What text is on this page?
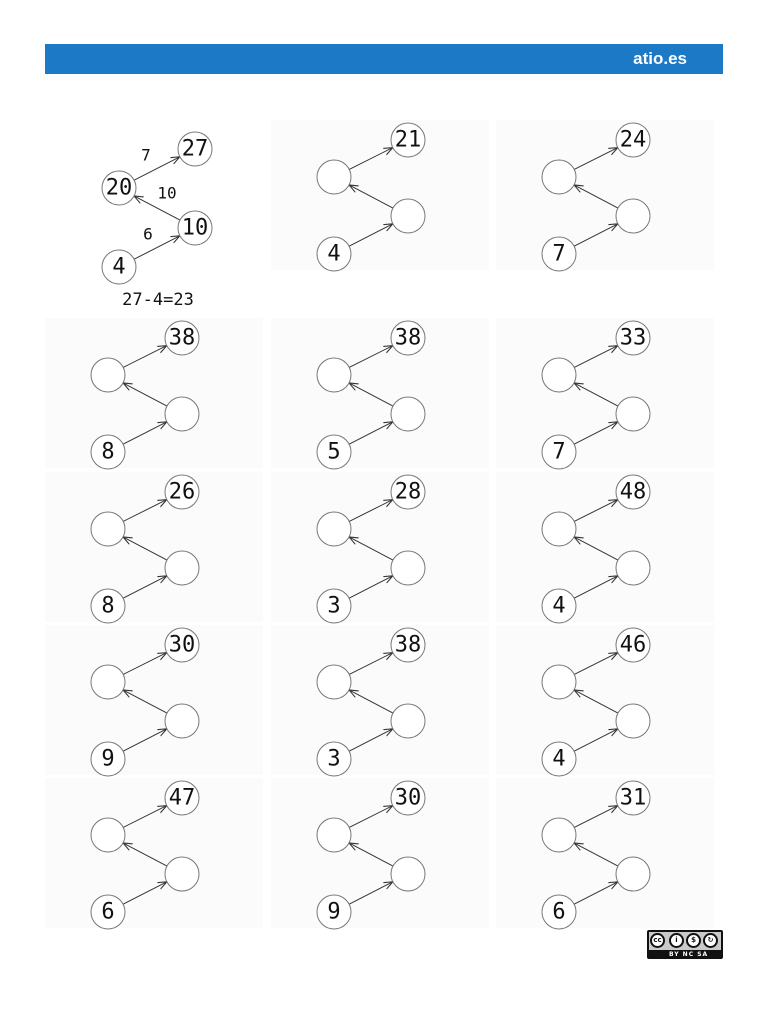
atio.es
27
20
10
4
7
10
6
27-4=23
21
4
24
7
38
8
38
5
33
7
26
8
28
3
48
4
30
9
38
3
46
4
47
6
30
9
31
6
cc	i	$	↻
BY NC SA
